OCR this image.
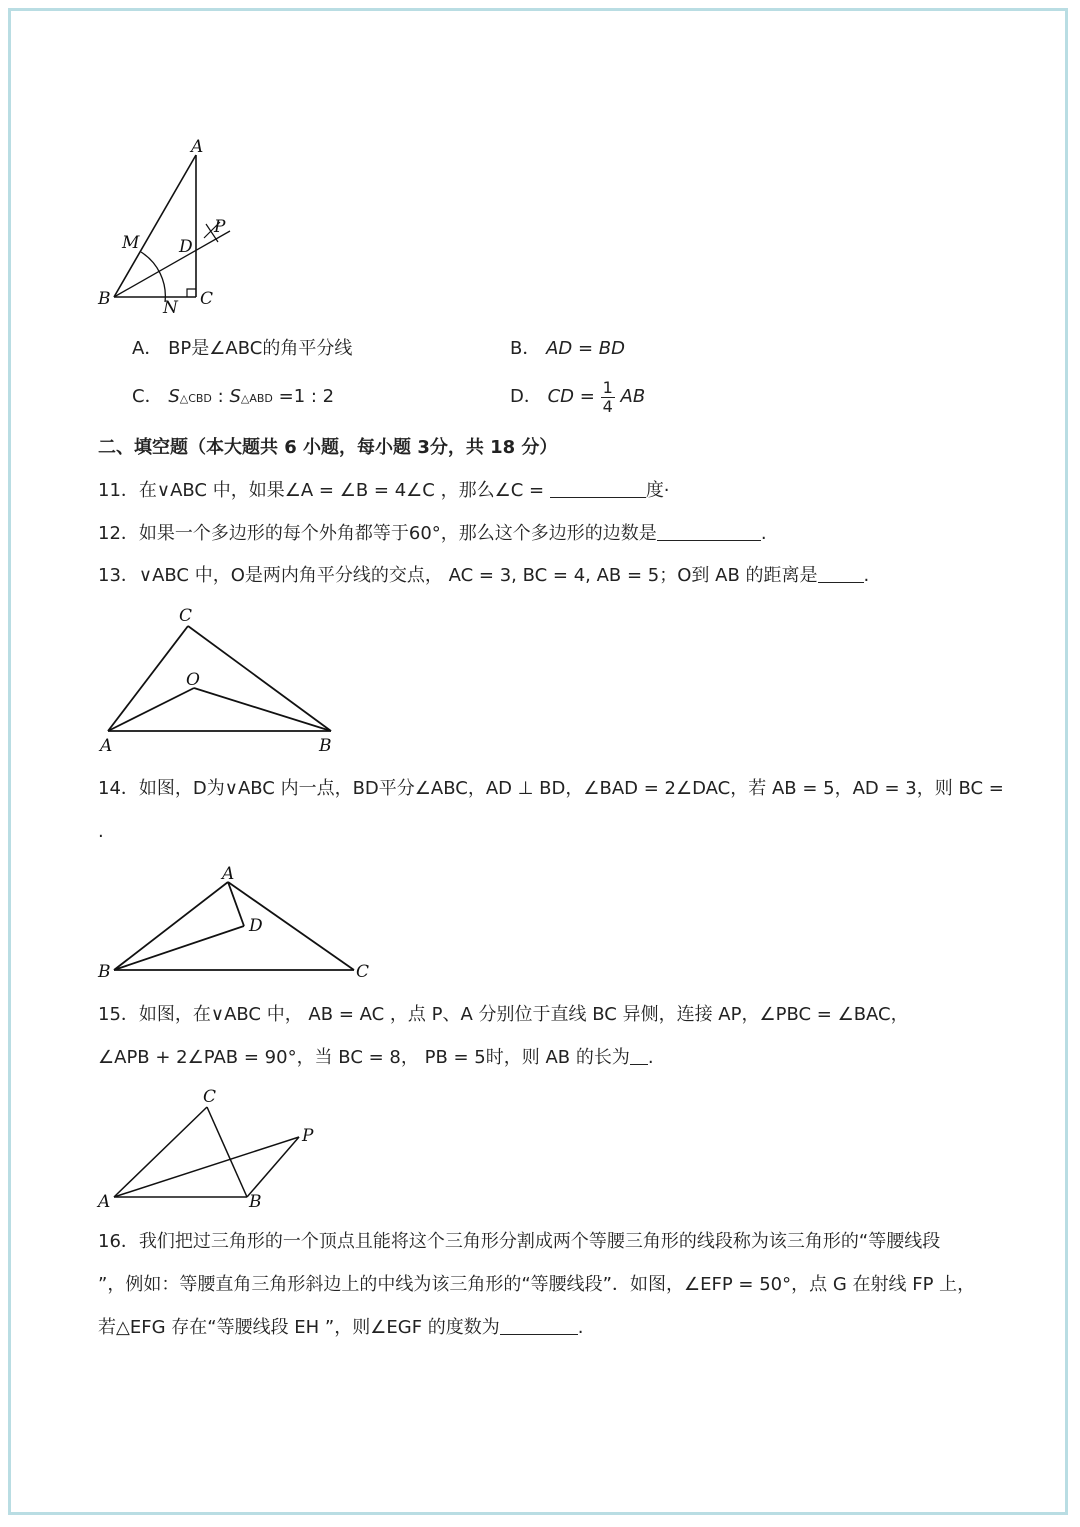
A
M D
P
B	N C
A． BP是∠ABC的角平分线	B． AD = BD
C． S△CBD : S△ABD =1 : 2	D． CD = $\frac{1}{4}$ AB
二、填空题（本大题共 6 小题，每小题 3分，共 18 分）
11．在∨ABC 中，如果∠A = ∠B = 4∠C ，那么∠C =	度·
12．如果一个多边形的每个外角都等于60°，那么这个多边形的边数是	.
13．∨ABC 中，O是两内角平分线的交点， AC = 3, BC = 4, AB = 5；O到 AB 的距离是	.
C
O
A	B
14．如图，D为∨ABC 内一点，BD平分∠ABC，AD ⊥ BD，∠BAD = 2∠DAC，若 AB = 5，AD = 3，则 BC =
.
A
D
B	C
15．如图，在∨ABC 中， AB = AC ，点 P、A 分别位于直线 BC 异侧，连接 AP，∠PBC = ∠BAC，
∠APB + 2∠PAB = 90°，当 BC = 8， PB = 5时，则 AB 的长为 .
C
P
A	B
16．我们把过三角形的一个顶点且能将这个三角形分割成两个等腰三角形的线段称为该三角形的“等腰线段
”，例如：等腰直角三角形斜边上的中线为该三角形的“等腰线段”．如图，∠EFP = 50°，点 G 在射线 FP 上，
若△EFG 存在“等腰线段 EH ”，则∠EGF 的度数为	.
